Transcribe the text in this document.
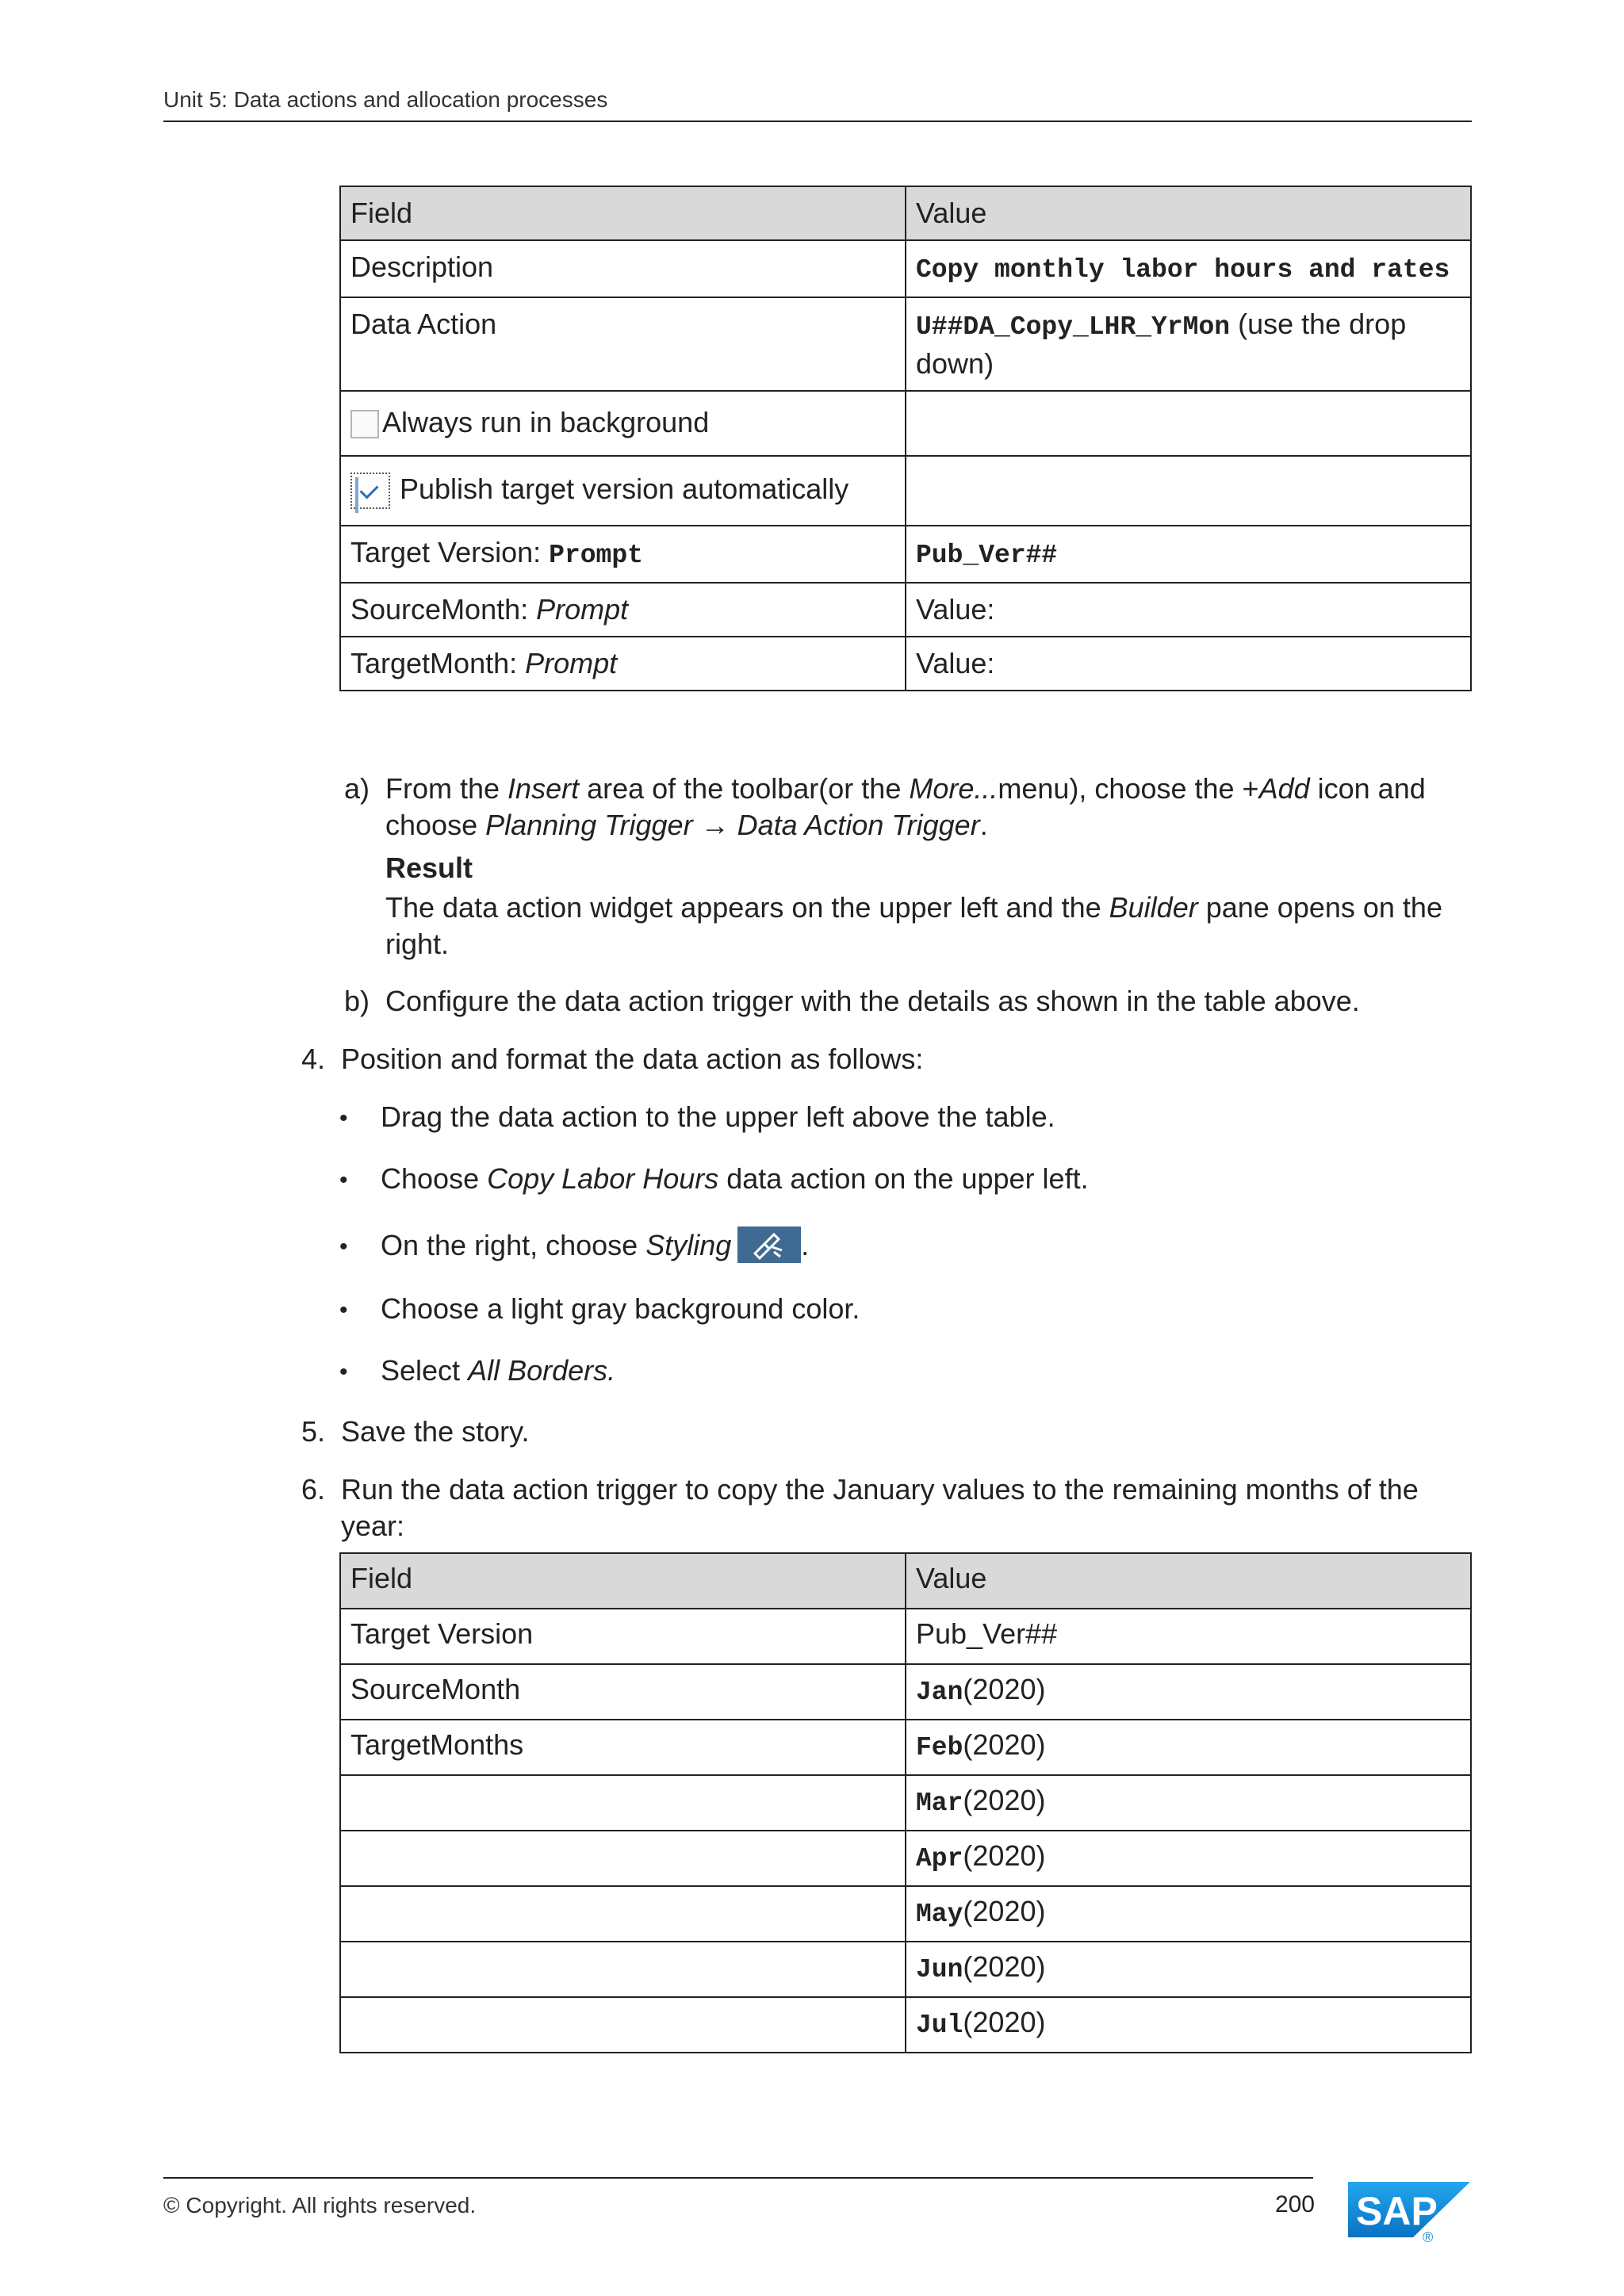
Unit 5: Data actions and allocation processes
Field	Value
Description	Copy monthly labor hours and rates
Data Action	U##DA_Copy_LHR_YrMon (use the drop down)
Always run in background	
Publish target version automatically	
Target Version: Prompt	Pub_Ver##
SourceMonth: Prompt	Value:
TargetMonth: Prompt	Value:
a) From the Insert area of the toolbar(or the More...menu), choose the +Add icon and choose Planning Trigger → Data Action Trigger.
Result
The data action widget appears on the upper left and the Builder pane opens on the right.
b) Configure the data action trigger with the details as shown in the table above.
4. Position and format the data action as follows:
• Drag the data action to the upper left above the table.
• Choose Copy Labor Hours data action on the upper left.
• On the right, choose Styling .
• Choose a light gray background color.
• Select All Borders.
5. Save the story.
6. Run the data action trigger to copy the January values to the remaining months of the year:
Field	Value
Target Version	Pub_Ver##
SourceMonth	Jan(2020)
TargetMonths	Feb(2020)
	Mar(2020)
	Apr(2020)
	May(2020)
	Jun(2020)
	Jul(2020)
© Copyright. All rights reserved.	200 SAP
®
